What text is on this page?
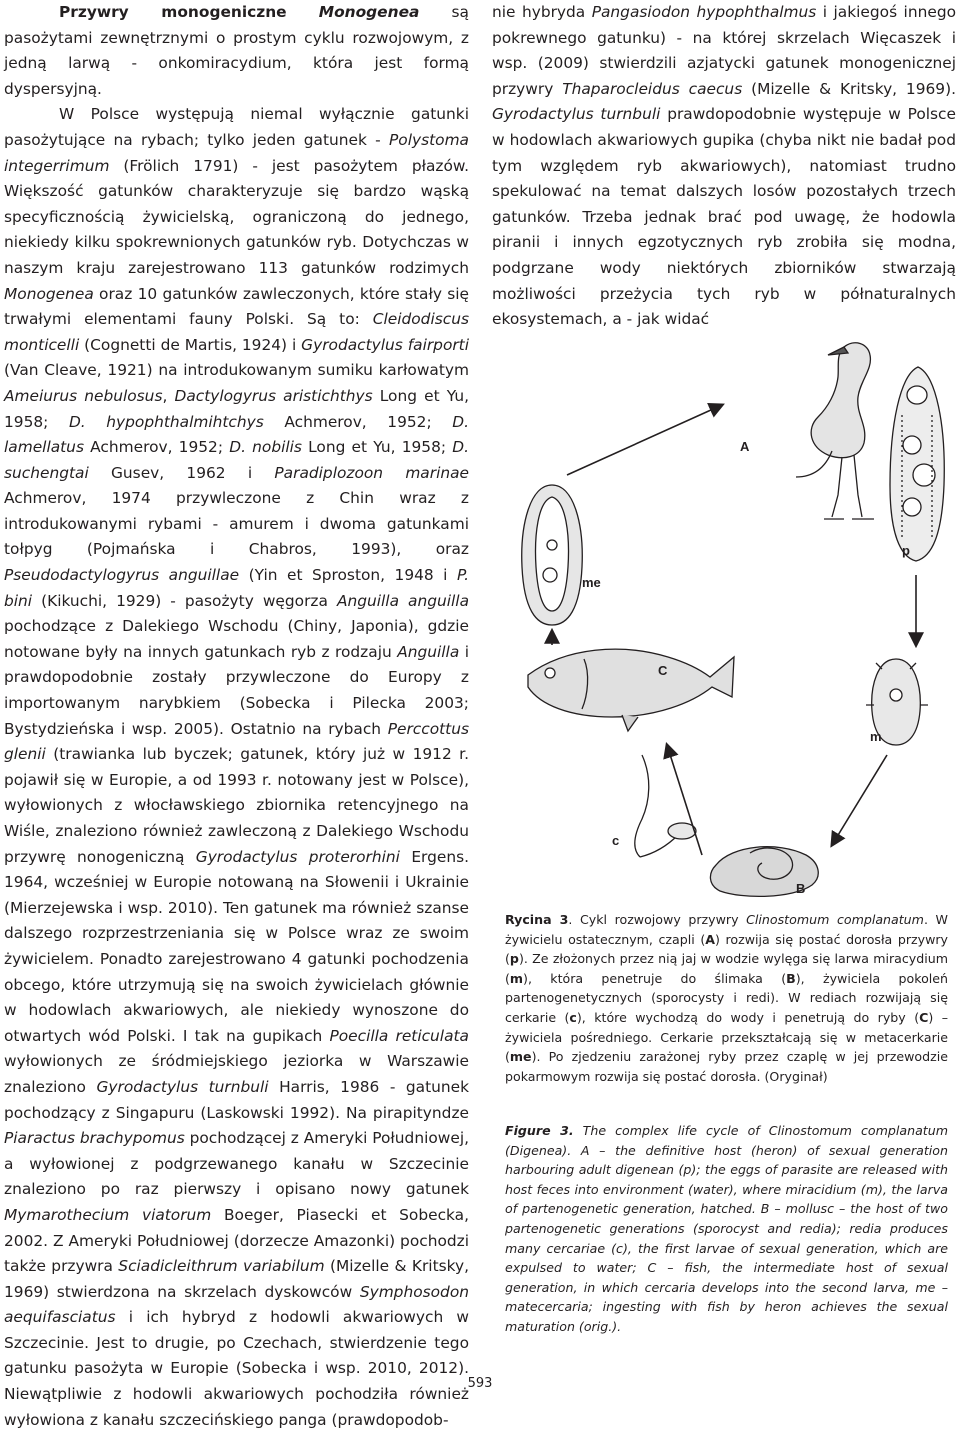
Przywry monogeniczne Monogenea są pasożytami zewnętrznymi o prostym cyklu rozwojowym, z jedną larwą - onkomiracydium, która jest formą dyspersyjną.

W Polsce występują niemal wyłącznie gatunki pasożytujące na rybach; tylko jeden gatunek - Polystoma integerrimum (Frölich 1791) - jest pasożytem płazów. Większość gatunków charakteryzuje się bardzo wąską specyficznością żywicielską, ograniczoną do jednego, niekiedy kilku spokrewnionych gatunków ryb. Dotychczas w naszym kraju zarejestrowano 113 gatunków rodzimych Monogenea oraz 10 gatunków zawleczonych, które stały się trwałymi elementami fauny Polski. Są to: Cleidodiscus monticelli (Cognetti de Martis, 1924) i Gyrodactylus fairporti (Van Cleave, 1921) na introdukowanym sumiku karłowatym Ameiurus nebulosus, Dactylogyrus aristichthys Long et Yu, 1958; D. hypophthalmihtchys Achmerov, 1952; D. lamellatus Achmerov, 1952; D. nobilis Long et Yu, 1958; D. suchengtai Gusev, 1962 i Paradiplozoon marinae Achmerov, 1974 przywleczone z Chin wraz z introdukowanymi rybami - amurem i dwoma gatunkami tołpyg (Pojmańska i Chabros, 1993), oraz Pseudodactylogyrus anguillae (Yin et Sproston, 1948 i P. bini (Kikuchi, 1929) - pasożyty węgorza Anguilla anguilla pochodzące z Dalekiego Wschodu (Chiny, Japonia), gdzie notowane były na innych gatunkach ryb z rodzaju Anguilla i prawdopodobnie zostały przywleczone do Europy z importowanym narybkiem (Sobecka i Pilecka 2003; Bystydzieńska i wsp. 2005). Ostatnio na rybach Perccottus glenii (trawianka lub byczek; gatunek, który już w 1912 r. pojawił się w Europie, a od 1993 r. notowany jest w Polsce), wyłowionych z włocławskiego zbiornika retencyjnego na Wiśle, znaleziono również zawleczoną z Dalekiego Wschodu przywrę nonogeniczną Gyrodactylus proterorhini Ergens. 1964, wcześniej w Europie notowaną na Słowenii i Ukrainie (Mierzejewska i wsp. 2010). Ten gatunek ma również szanse dalszego rozprzestrzeniania się w Polsce wraz ze swoim żywicielem. Ponadto zarejestrowano 4 gatunki pochodzenia obcego, które utrzymują się na swoich żywicielach głównie w hodowlach akwariowych, ale niekiedy wynoszone do otwartych wód Polski. I tak na gupikach Poecilla reticulata wyłowionych ze śródmiejskiego jeziorka w Warszawie znaleziono Gyrodactylus turnbuli Harris, 1986 - gatunek pochodzący z Singapuru (Laskowski 1992). Na pirapityndze Piaractus brachypomus pochodzącej z Ameryki Południowej, a wyłowionej z podgrzewanego kanału w Szczecinie znaleziono po raz pierwszy i opisano nowy gatunek Mymarothecium viatorum Boeger, Piasecki et Sobecka, 2002. Z Ameryki Południowej (dorzecze Amazonki) pochodzi także przywra Sciadicleithrum variabilum (Mizelle & Kritsky, 1969) stwierdzona na skrzelach dyskowców Symphosodon aequifasciatus i ich hybryd z hodowli akwariowych w Szczecinie. Jest to drugie, po Czechach, stwierdzenie tego gatunku pasożyta w Europie (Sobecka i wsp. 2010, 2012). Niewątpliwie z hodowli akwariowych pochodziła również wyłowiona z kanału szczecińskiego panga (prawdopodob-

nie hybryda Pangasiodon hypophthalmus i jakiegoś innego pokrewnego gatunku) - na której skrzelach Więcaszek i wsp. (2009) stwierdzili azjatycki gatunek monogenicznej przywry Thaparocleidus caecus (Mizelle & Kritsky, 1969). Gyrodactylus turnbuli prawdopodobnie występuje w Polsce w hodowlach akwariowych gupika (chyba nikt nie badał pod tym względem ryb akwariowych), natomiast trudno spekulować na temat dalszych losów pozostałych trzech gatunków. Trzeba jednak brać pod uwagę, że hodowla piranii i innych egzotycznych ryb zrobiła się modna, podgrzane wody niektórych zbiorników stwarzają możliwości przeżycia tych ryb w półnaturalnych ekosystemach, a - jak widać

A
p
me
C
m
c
B
Rycina 3. Cykl rozwojowy przywry Clinostomum complanatum. W żywicielu ostatecznym, czapli (A) rozwija się postać dorosła przywry (p). Ze złożonych przez nią jaj w wodzie wylęga się larwa miracydium (m), która penetruje do ślimaka (B), żywiciela pokoleń partenogenetycznych (sporocysty i redi). W rediach rozwijają się cerkarie (c), które wychodzą do wody i penetrują do ryby (C) – żywiciela pośredniego. Cerkarie przekształcają się w metacerkarie (me). Po zjedzeniu zarażonej ryby przez czaplę w jej przewodzie pokarmowym rozwija się postać dorosła. (Oryginał)
Figure 3. The complex life cycle of Clinostomum complanatum (Digenea). A – the definitive host (heron) of sexual generation harbouring adult digenean (p); the eggs of parasite are released with host feces into environment (water), where miracidium (m), the larva of partenogenetic generation, hatched. B – mollusc – the host of two partenogenetic generations (sporocyst and redia); redia produces many cercariae (c), the first larvae of sexual generation, which are expulsed to water; C – fish, the intermediate host of sexual generation, in which cercaria develops into the second larva, me – matecercaria; ingesting with fish by heron achieves the sexual maturation (orig.).
593
